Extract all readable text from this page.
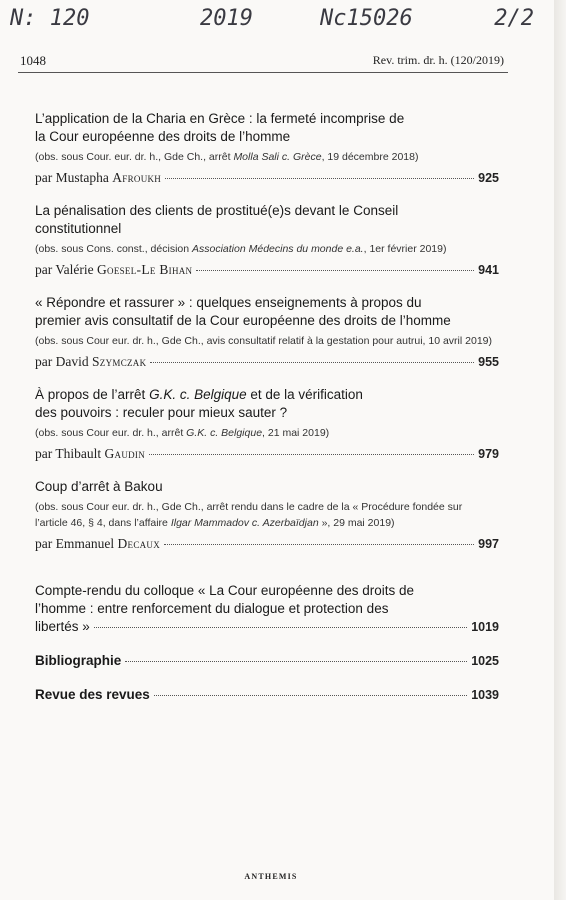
N: 120	2019	Nc15026	2/2
1048	Rev. trim. dr. h. (120/2019)
L’application de la Charia en Grèce : la fermeté incomprise de
la Cour européenne des droits de l’homme
(obs. sous Cour. eur. dr. h., Gde Ch., arrêt Molla Sali c. Grèce, 19 décembre 2018)
par Mustapha Afroukh	925
La pénalisation des clients de prostitué(e)s devant le Conseil
constitutionnel
(obs. sous Cons. const., décision Association Médecins du monde e.a., 1er février 2019)
par Valérie Goesel-Le Bihan	941
« Répondre et rassurer » : quelques enseignements à propos du
premier avis consultatif de la Cour européenne des droits de l’homme
(obs. sous Cour eur. dr. h., Gde Ch., avis consultatif relatif à la gestation pour autrui, 10 avril 2019)
par David Szymczak	955
À propos de l’arrêt G.K. c. Belgique et de la vérification
des pouvoirs : reculer pour mieux sauter ?
(obs. sous Cour eur. dr. h., arrêt G.K. c. Belgique, 21 mai 2019)
par Thibault Gaudin	979
Coup d’arrêt à Bakou
(obs. sous Cour eur. dr. h., Gde Ch., arrêt rendu dans le cadre de la « Procédure fondée sur
l’article 46, § 4, dans l’affaire Ilgar Mammadov c. Azerbaïdjan », 29 mai 2019)
par Emmanuel Decaux	997
Compte-rendu du colloque « La Cour européenne des droits de
l’homme : entre renforcement du dialogue et protection des
libertés »	1019
Bibliographie	1025
Revue des revues	1039
ANTHEMIS
